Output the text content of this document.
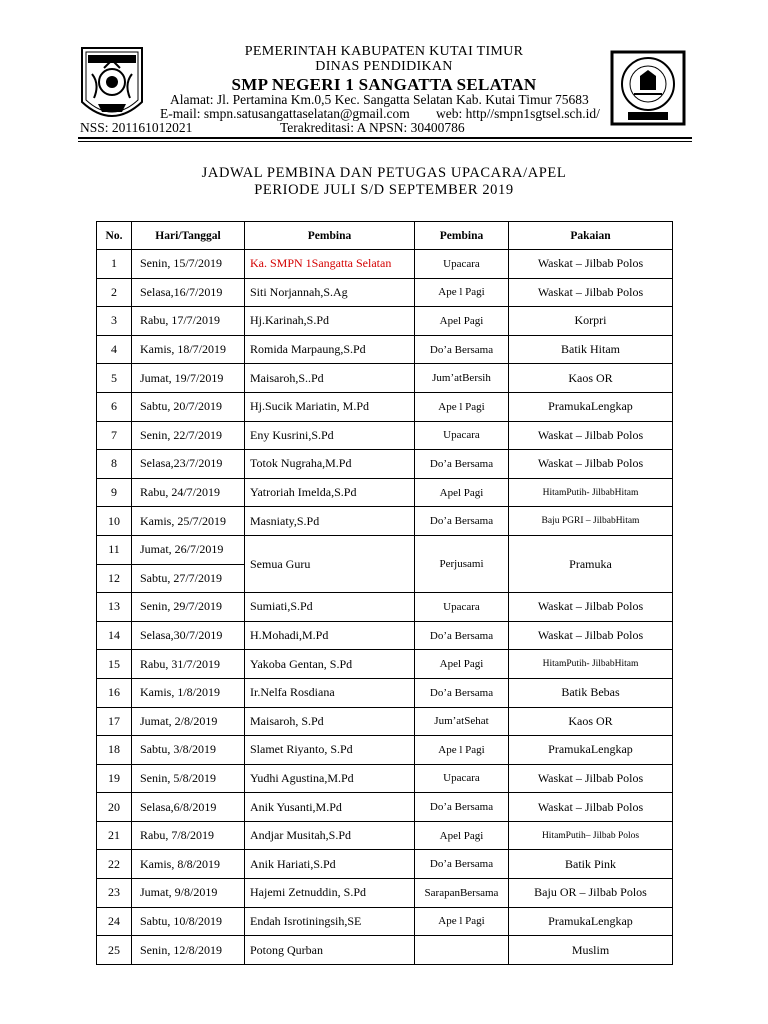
PEMERINTAH KABUPATEN KUTAI TIMUR
DINAS PENDIDIKAN
SMP NEGERI 1 SANGATTA SELATAN
Alamat: Jl. Pertamina Km.0,5 Kec. Sangatta Selatan Kab. Kutai Timur 75683
E-mail: smpn.satusangattaselatan@gmail.com web: http//smpn1sgtsel.sch.id/
NSS: 201161012021	Terakreditasi: A NPSN: 30400786
JADWAL PEMBINA DAN PETUGAS UPACARA/APEL
PERIODE JULI S/D SEPTEMBER 2019
No.	Hari/Tanggal	Pembina	Pembina	Pakaian
1	Senin, 15/7/2019	Ka. SMPN 1Sangatta Selatan	Upacara	Waskat – Jilbab Polos
2	Selasa,16/7/2019	Siti Norjannah,S.Ag	Ape l Pagi	Waskat – Jilbab Polos
3	Rabu, 17/7/2019	Hj.Karinah,S.Pd	Apel Pagi	Korpri
4	Kamis, 18/7/2019	Romida Marpaung,S.Pd	Do’a Bersama	Batik Hitam
5	Jumat, 19/7/2019	Maisaroh,S..Pd	Jum’atBersih	Kaos OR
6	Sabtu, 20/7/2019	Hj.Sucik Mariatin, M.Pd	Ape l Pagi	PramukaLengkap
7	Senin, 22/7/2019	Eny Kusrini,S.Pd	Upacara	Waskat – Jilbab Polos
8	Selasa,23/7/2019	Totok Nugraha,M.Pd	Do’a Bersama	Waskat – Jilbab Polos
9	Rabu, 24/7/2019	Yatroriah Imelda,S.Pd	Apel Pagi	HitamPutih- JilbabHitam
10	Kamis, 25/7/2019	Masniaty,S.Pd	Do’a Bersama	Baju PGRI – JilbabHitam
11	Jumat, 26/7/2019	Semua Guru	Perjusami	Pramuka
12	Sabtu, 27/7/2019			
13	Senin, 29/7/2019	Sumiati,S.Pd	Upacara	Waskat – Jilbab Polos
14	Selasa,30/7/2019	H.Mohadi,M.Pd	Do’a Bersama	Waskat – Jilbab Polos
15	Rabu, 31/7/2019	Yakoba Gentan, S.Pd	Apel Pagi	HitamPutih- JilbabHitam
16	Kamis, 1/8/2019	Ir.Nelfa Rosdiana	Do’a Bersama	Batik Bebas
17	Jumat, 2/8/2019	Maisaroh, S.Pd	Jum’atSehat	Kaos OR
18	Sabtu, 3/8/2019	Slamet Riyanto, S.Pd	Ape l Pagi	PramukaLengkap
19	Senin, 5/8/2019	Yudhi Agustina,M.Pd	Upacara	Waskat – Jilbab Polos
20	Selasa,6/8/2019	Anik Yusanti,M.Pd	Do’a Bersama	Waskat – Jilbab Polos
21	Rabu, 7/8/2019	Andjar Musitah,S.Pd	Apel Pagi	HitamPutih– Jilbab Polos
22	Kamis, 8/8/2019	Anik Hariati,S.Pd	Do’a Bersama	Batik Pink
23	Jumat, 9/8/2019	Hajemi Zetnuddin, S.Pd	SarapanBersama	Baju OR – Jilbab Polos
24	Sabtu, 10/8/2019	Endah Isrotiningsih,SE	Ape l Pagi	PramukaLengkap
25	Senin, 12/8/2019	Potong Qurban		Muslim
